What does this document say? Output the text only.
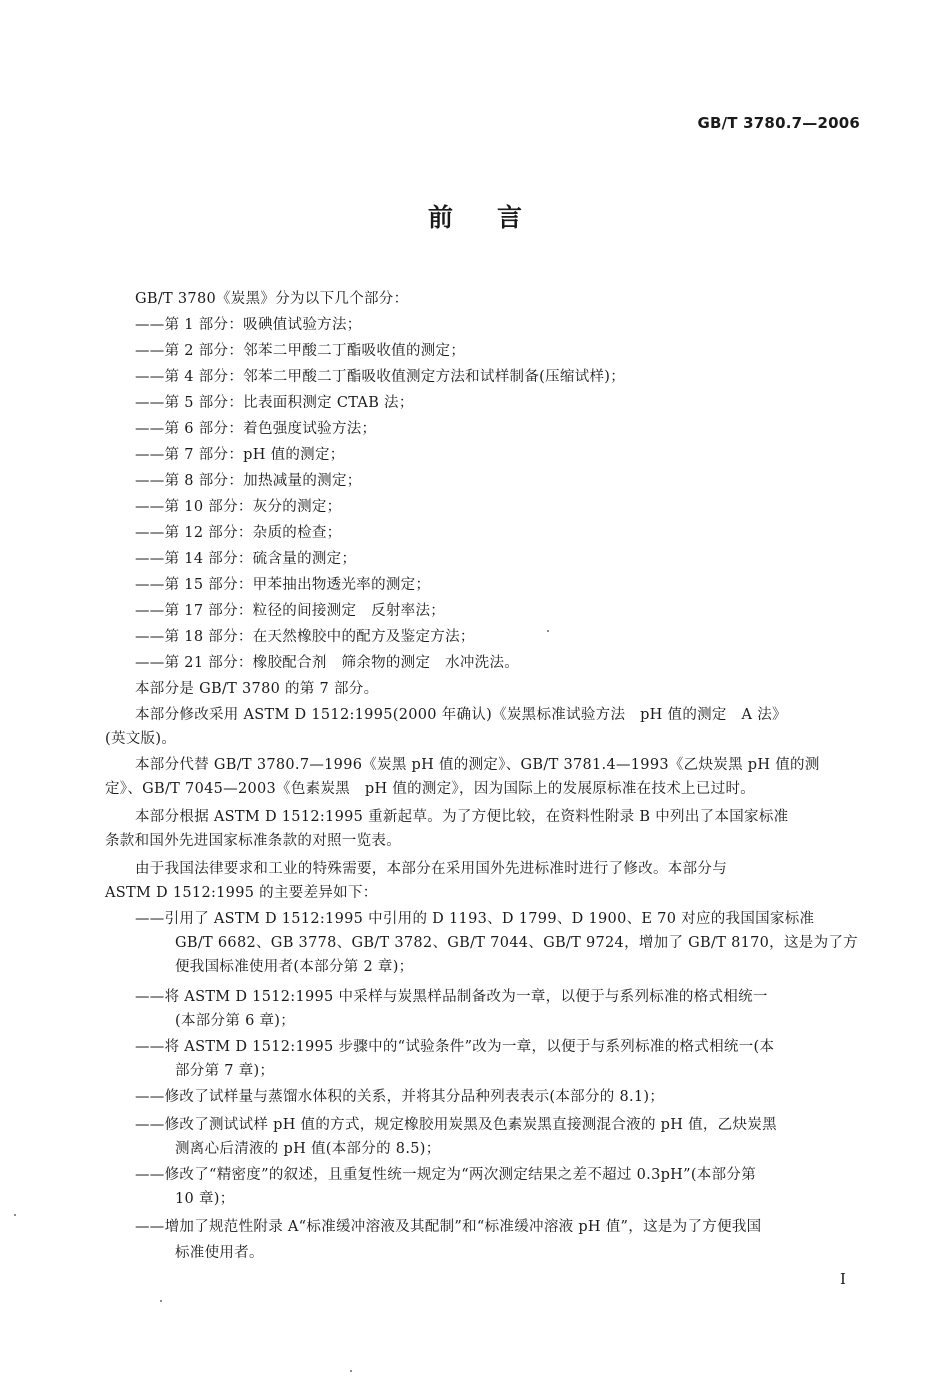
GB/T 3780.7—2006
前言
GB/T 3780《炭黑》分为以下几个部分：
——第 1 部分：吸碘值试验方法；
——第 2 部分：邻苯二甲酸二丁酯吸收值的测定；
——第 4 部分：邻苯二甲酸二丁酯吸收值测定方法和试样制备(压缩试样)；
——第 5 部分：比表面积测定 CTAB 法；
——第 6 部分：着色强度试验方法；
——第 7 部分：pH 值的测定；
——第 8 部分：加热减量的测定；
——第 10 部分：灰分的测定；
——第 12 部分：杂质的检查；
——第 14 部分：硫含量的测定；
——第 15 部分：甲苯抽出物透光率的测定；
——第 17 部分：粒径的间接测定　反射率法；
——第 18 部分：在天然橡胶中的配方及鉴定方法；
——第 21 部分：橡胶配合剂　筛余物的测定　水冲洗法。
本部分是 GB/T 3780 的第 7 部分。
本部分修改采用 ASTM D 1512:1995(2000 年确认)《炭黑标准试验方法　pH 值的测定　A 法》
(英文版)。
本部分代替 GB/T 3780.7—1996《炭黑 pH 值的测定》、GB/T 3781.4—1993《乙炔炭黑 pH 值的测
定》、GB/T 7045—2003《色素炭黑　pH 值的测定》，因为国际上的发展原标准在技术上已过时。
本部分根据 ASTM D 1512:1995 重新起草。为了方便比较，在资料性附录 B 中列出了本国家标准
条款和国外先进国家标准条款的对照一览表。
由于我国法律要求和工业的特殊需要，本部分在采用国外先进标准时进行了修改。本部分与
ASTM D 1512:1995 的主要差异如下：
——引用了 ASTM D 1512:1995 中引用的 D 1193、D 1799、D 1900、E 70 对应的我国国家标准
GB/T 6682、GB 3778、GB/T 3782、GB/T 7044、GB/T 9724，增加了 GB/T 8170，这是为了方
便我国标准使用者(本部分第 2 章)；
——将 ASTM D 1512:1995 中采样与炭黑样品制备改为一章，以便于与系列标准的格式相统一
(本部分第 6 章)；
——将 ASTM D 1512:1995 步骤中的“试验条件”改为一章，以便于与系列标准的格式相统一(本
部分第 7 章)；
——修改了试样量与蒸馏水体积的关系，并将其分品种列表表示(本部分的 8.1)；
——修改了测试试样 pH 值的方式，规定橡胶用炭黑及色素炭黑直接测混合液的 pH 值，乙炔炭黑
测离心后清液的 pH 值(本部分的 8.5)；
——修改了“精密度”的叙述，且重复性统一规定为“两次测定结果之差不超过 0.3pH”(本部分第
10 章)；
——增加了规范性附录 A“标准缓冲溶液及其配制”和“标准缓冲溶液 pH 值”，这是为了方便我国
标准使用者。
I
